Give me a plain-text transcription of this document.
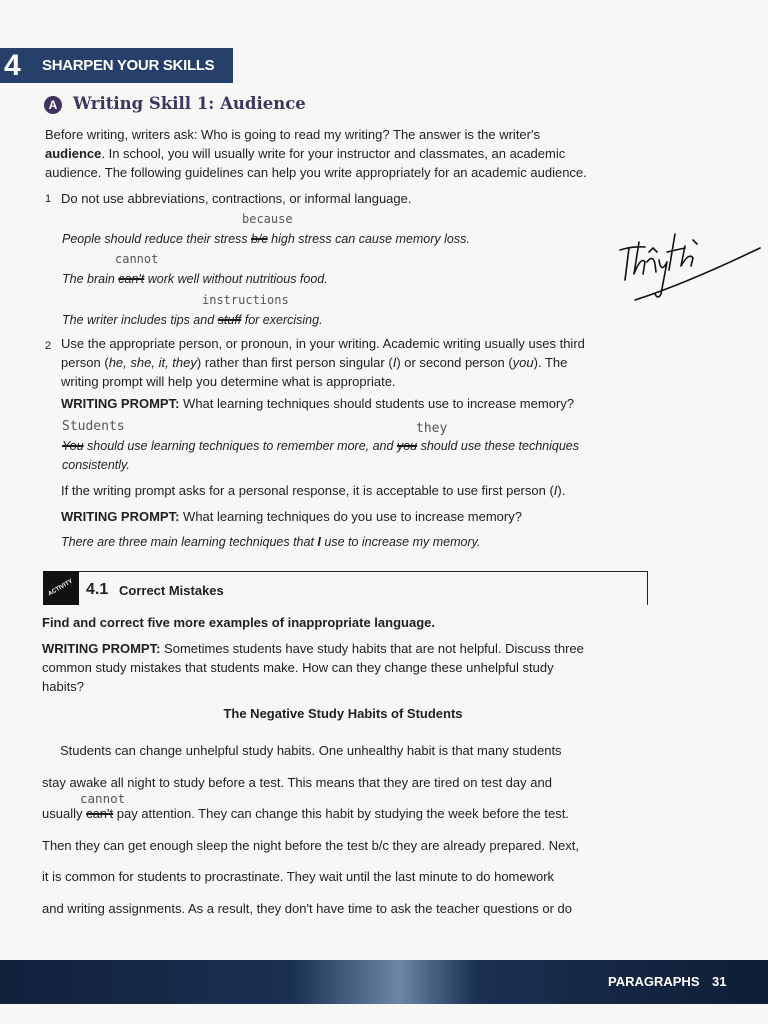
4 SHARPEN YOUR SKILLS
A Writing Skill 1: Audience
Before writing, writers ask: Who is going to read my writing? The answer is the writer's
audience. In school, you will usually write for your instructor and classmates, an academic
audience. The following guidelines can help you write appropriately for an academic audience.
1 Do not use abbreviations, contractions, or informal language.
because
People should reduce their stress b/c high stress can cause memory loss.
cannot
The brain can't work well without nutritious food.
instructions
The writer includes tips and stuff for exercising.
2 Use the appropriate person, or pronoun, in your writing. Academic writing usually uses third
person (he, she, it, they) rather than first person singular (I) or second person (you). The
writing prompt will help you determine what is appropriate.
WRITING PROMPT: What learning techniques should students use to increase memory?
Students	they
You should use learning techniques to remember more, and you should use these techniques
consistently.
If the writing prompt asks for a personal response, it is acceptable to use first person (I).
WRITING PROMPT: What learning techniques do you use to increase memory?
There are three main learning techniques that I use to increase my memory.
ACTIVITY 4.1 Correct Mistakes
Find and correct five more examples of inappropriate language.
WRITING PROMPT: Sometimes students have study habits that are not helpful. Discuss three
common study mistakes that students make. How can they change these unhelpful study
habits?
The Negative Study Habits of Students
Students can change unhelpful study habits. One unhealthy habit is that many students
stay awake all night to study before a test. This means that they are tired on test day and
cannot
usually can't pay attention. They can change this habit by studying the week before the test.
Then they can get enough sleep the night before the test b/c they are already prepared. Next,
it is common for students to procrastinate. They wait until the last minute to do homework
and writing assignments. As a result, they don't have time to ask the teacher questions or do
PARAGRAPHS 31
